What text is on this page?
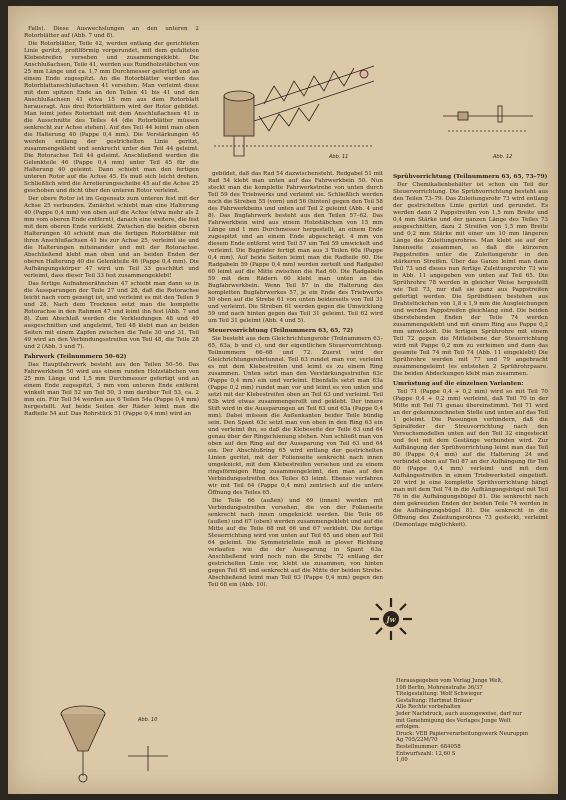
Abb. 11	Abb. 12

Falls). Diese Auswechslungen an den unteren 2 Rotorblätter auf (Abb. 7 und 8).

Die Rotorblätter, Teile 42, werden entlang der gerichteten Linie geritzt, profilförmig vorgerundet, mit dem gefalteten Klebestreifen versehen und zusammengeklebt. Die Anschlußachsen, Teile 41, werden aus Rundholzstäbchen von 25 mm Länge und ca. 1,7 mm Durchmesser gefertigt und an einem Ende zugespitzt. An die Rotorblätter werden das Rotorblattanschlußachsen 41 versehen. Man verleimt diese mit dem spitzen Ende an den Teilen 41 bis 41 und den Anschlußachsen 41 etwa 15 mm aus dem Rotorblatt herausragt. Aus drei Rotorblättern wird der Rotor gebildet. Man leimt jedes Rotorblatt mit dem Anschlußachsen 41 in die Ausschnitte des Teiles 44 (die Rotorblätter müssen senkrecht zur Achse stehen). Auf des Teil 44 leimt man oben die Halterung 40 (Pappe 0,4 mm). Die Verstärkungen 45 werden entlang der gestrichelten Linie geritzt, zusammengeklebt und senkrecht unter den Teil 44 geleimt. Die Rotorachse Teil 44 geleimt. Anschließend werden die Gelenkteile 46 (Pappe 0,4 mm) unter Teil 45 für die Halterung 40 geleimt. Dann schiebt man den fertigen unteren Rotor auf die Achse 45. Es muß sich leicht drehen. Schließlich wird die Arretierungsscheibe 45 auf die Achse 25 geschoben und dicht über den unteren Rotor verleimt.

Der obere Rotor ist im Gegensatz zum unteren fest mit der Achse 25 verbunden. Zunächst schiebt man eine Halterung 40 (Pappe 0,4 mm) von oben auf die Achse (etwa mehr als 2 mm vom oberen Ende entfernt), danach eine weitere, die fest mit dem oberen Ende verklebt. Zwischen die beiden oberen Halterungen 40 schiebt man die fertigen Rotorblätter mit ihren Anschlußachsen 41 bis zur Achse 25, verleimt sie und die Halterungen miteinander und mit der Rotorachse. Abschließend klebt man oben und an beiden Enden der oberen Halterung 40 die Gelenkteile 46 (Pappe 0,4 mm). Die Aufhängungskörper 47 wird um Teil 33 geschlitzt und verleimt, dass dieser Teil 33 fest zusammengeklebt!

Das fertige Aufnahmerähnchen 47 schiebt man dann so in die Aussparungen der Teile 27 und 28, daß die Rotorachse leicht nach vorn geneigt ist, und verleimt es mit den Teilen 9 und 28. Nach dem Trocknen setzt man die komplette Rotorachse in den Rahmen 47 und leimt ihn fest (Abb. 7 und 8). Zum Abschluß werden die Verkleidungen 48 und 49 ausgeschnitten und angeleimt, Teil 48 klebt man an beiden Seiten mit einem Zapfen zwischen die Teile 30 und 31, Teil 49 wird an den Verbindungsstreifen von Teil 48, die Teile 28 und 2 (Abb. 3 und 7).

Fahrwerk (Teilnummern 50–62)

Das Hauptfahrwerk besteht aus den Teilen 50–56. Das Fahrwerkbein 50 wird aus einem runden Holzstäbchen von 25 mm Länge und 1,5 mm Durchmesser gefertigt und an einem Ende zugespitzt, 3 mm vom unteren Ende entfernt winkelt man Teil 52 um Teil 50, 3 mm darüber Teil 53, ca. 2 mm ein. Für Teil 54 werden aus 6 Teilen 54a (Pappe 0,4 mm) hergestellt. Auf beide Seiten der Räder leimt man die Radteile 54 auf. Das Rohrstück 51 (Pappe 0,4 mm) wird an

Abb. 10

gebildet, daß das Rad 54 dazwischensteht. Redgabel 51 mit Rad 54 klebt man unten auf das Fahrwerkbein 50. Nun steckt man die komplette Fahrwerkstrebe von unten durch Teil 59 des Triebwerks und verleimt sie. Schließlich werden noch die Streben 55 (vorn) und 56 (hinten) gegen den Teil 58 des Fahrwerkbeins und unten auf Teil 2 geleimt (Abb. 4 und 8). Das Bugfahrwerk besteht aus den Teilen 57–62. Das Fahrwerkbein wird aus einem Holzstäbchen von 15 mm Länge und 1 mm Durchmesser hergestellt, an einem Ende zugespitzt und an einem Ende abgeschrägt. 4 mm von diesem Ende entfernt wird Teil 57 um Teil 59 umwickelt und verleimt. Die Bugräder fertigt man aus 3 Teilen 60a (Pappe 0,4 mm). Auf beide Seiten leimt man die Radteile 60. Die Radgabeln 59 (Pappe 0,4 mm) werden zerteilt und Radgabel 60 leimt auf die Mitte zwischen die Rad 60. Die Radgabeln 59 mit dem Rädern 60 klebt man unten an das Bugfahrwerkbein. Wenn Teil 57 in die Halterung des kompletten Bugfahrwerkes 57, je ein Ende des Triebwerks 50 oben auf die Strebe 61 von unten beiderseits von Teil 31 und verleimt. Die Streben 61 werden gegen die Umwicklung 59 und nach hinten gegen das Teil 31 geleimt. Teil 62 wird um Teil 31 geleimt (Abb. 4 und 5).

Steuervorrichtung (Teilnummern 63, 65, 72)

Sie besteht aus dem Gleichrichtungsrohr (Teilnummern 63–65, 63a, b und c), und der eigentlichen Steuervorrichtung. Teilnummern 66–68 und 72. Zuerst wird der Gleichrichtungsrohrtunnel. Teil 63 rundet man vor, verleimt es mit dem Klebestreifen und leimt es zu einem Ring zusammen. Unten setzt man den Verstärkungsstreifen 63c (Pappe 0,4 mm) ein und verleimt. Ebenfalls setzt man 63a (Pappe 0,2 mm) rundet man vor und leimt es von unten und setzt mit der Klebestreifen oben an Teil 63 und verleimt. Teil 63b wird etwas zusammengerollt und geklebt. Der innere Stift wird in die Aussparungen an Teil 63 und 63a (Pappe 0,4 mm). Dabei müssen die Außenkanten beider Teile bündig sein. Den Spant 63c setzt man von oben in den Ring 63 ein und verleimt ihn, so daß die Klebeseite der Teile 63 und 64 genau über der Ringschienung stehen. Nun schließt man von oben auf den Ring auf der Aussparung von Teil 63 und 64 ein. Der Abschlußring 65 wird entlang der gestrichelten Linien geritzt, mit der Folienseite senkrecht nach innen umgeknickt, mit dem Klebestreifen versehen und zu einem ringsförmigen Ring zusammengeleimt, den man auf den Verbindungsstreifen des Teiles 63 leimt. Ebenso verfahren wir mit Teil 64 (Pappe 0,4 mm) zentrisch auf die untere Öffnung des Teiles 65.

Die Teile 66 (außen) und 69 (innen) werden mit Verbindungsstreifen versehen, die von der Folienseite senkrecht nach innen umgeknickt werden. Die Teile 66 (außen) und 67 (oben) werden zusammengeklebt und auf die Mitte auf die Teile 68 mit 66 und 67 verklebt. Die fertige Steuerrichtung wird von unten auf Teil 65 und oben auf Teil 64 geleimt. Die Symmetrielinie muß in plover Richtung verlaufen wie die der Aussparung in Spant 63a. Anschließend wird noch nun die Strebe 72 entlang der gestrichelten Linie vor, klebt sie zusammen, von hinten gegen Teil 65 und senkrecht auf die Mitte der beiden Strebe. Abschließend leimt man Teil 63 (Pappe 0,4 mm) gegen den Teil 68 ein (Abb. 10).

Sprühvorrichtung (Teilnummern 63, 65, 73–79)

Der Chemikalienbehälter ist schon ein Teil der Steuervorrichtung. Die Sprühvorrichtung besteht aus den Teilen 73–79. Das Zuleitungsrohr 73 wird entlang der gestrichelten Linie geritzt und gerundet. Es werden dann 2 Pappstreifen von 1,5 mm Breite und 0,4 mm Stärke und der ganzen Länge des Teiles 73 ausgeschnitten, dazu 2 Streifen von 1,5 mm Breite und 0,2 mm Stärke mit einer um 10 mm längeren Länge des Zuleitungsrohres. Man klebt sie auf der Innenseite zusammen, so daß die kürzeren Pappstreifen unter die Zuleitungsrohr in den stärkeren Streifen. Über das Ganze leimt man dann Teil 73 und dieses nun fertige Zuleitungsrohr 73 wie in Abb. 11 angegeben von unten auf Teil 65. Die Sprührohre 78 werden in gleicher Weise hergestellt wie Teil 73, nur daß sie ganz aus Pappstreifen gefertigt werden. Die Sprühdüsen bestehen aus Drahtstückchen von 1,8 x 1,9 mm die Ausgleichungen und werden Pappstreifen gleichlang sind. Die beiden überstehenden Enden der Teile 74 werden zusammengeklebt und mit einem Ring aus Pappe 0,2 mm umwickelt. Die fertigen Sprührohre mit einem Teil 72 gegen die Mittelebene der Steuerrichtung wird mit Pappe 0,2 mm zu verleimen und dann das gesamte Teil 74 mit Teil 74 (Abb. 11 eingeklebt) Die Sprührohre werden mit 77 und 79 angebracht zusammengeleimt (es entstehen 2 Sprührohrpaare. Die beiden Abdeckungen klebt man zusammen.

Umrüstung auf die einzelnen Varianten:

Teil 71 (Pappe 0,4 + 0,2 mm) wird so mit Teil 70 (Pappe 0,4 + 0,2 mm) verleimt, daß Teil 70 in der Mitte mit Teil 71 genau übereinstimmt. Teil 71 wird an der gekennzeichneten Stelle und unten auf das Teil 1 geleimt. Die Passungen verhindern, daß die Spiralfeder der Streuvorrichtung nach den Versuchsmodellen unten auf den Teil 32 eingesteckt und fest mit dem Gestänge verbunden wird. Zur Aufhängung der Sprühvorrichtung leimt man das Teil 80 (Pappe 0,4 mm) auf die Halterung 24 und verbindet oben auf Teil 87 an der Aufhängung für Teil 80 (Pappe 0,4 mm) verleimt und mit dem Aufhängestreifen in einem Triebwerksteil eingetieft. 20 wird je eine komplette Sprühvorrichtung hängt man mit dem Teil 74 in die Aufhängungsbügel mit Teil 76 in die Aufhängungsbügel 81. Die senkrecht nach dem gekreuzten Enden der beiden Teile 74 werden in die Aufhängungsbügel 81. Die senkrecht in die Öffnung des Zuleitungsrohres 73 gesteckt, verleimt (Demontage möglichkeit).

Jw
Herausgegeben vom Verlag Junge Welt,
108 Berlin, Mohrenstraße 36/37
Titelgestaltung: Wolf Schwieger
Gestaltung: Hartmut Bräuer
Alle Rechte vorbehalten
Jeder Nachdruck, auch auszugsweise, darf nur
mit Genehmigung des Verlages Junge Welt
erfolgen.
Druck: VEB Papierverarbeitungswerk Neuruppin
Ag 705/22M/70
Bestellnummer: 684058
Entwurfszahl: 12,60 S
1,00
